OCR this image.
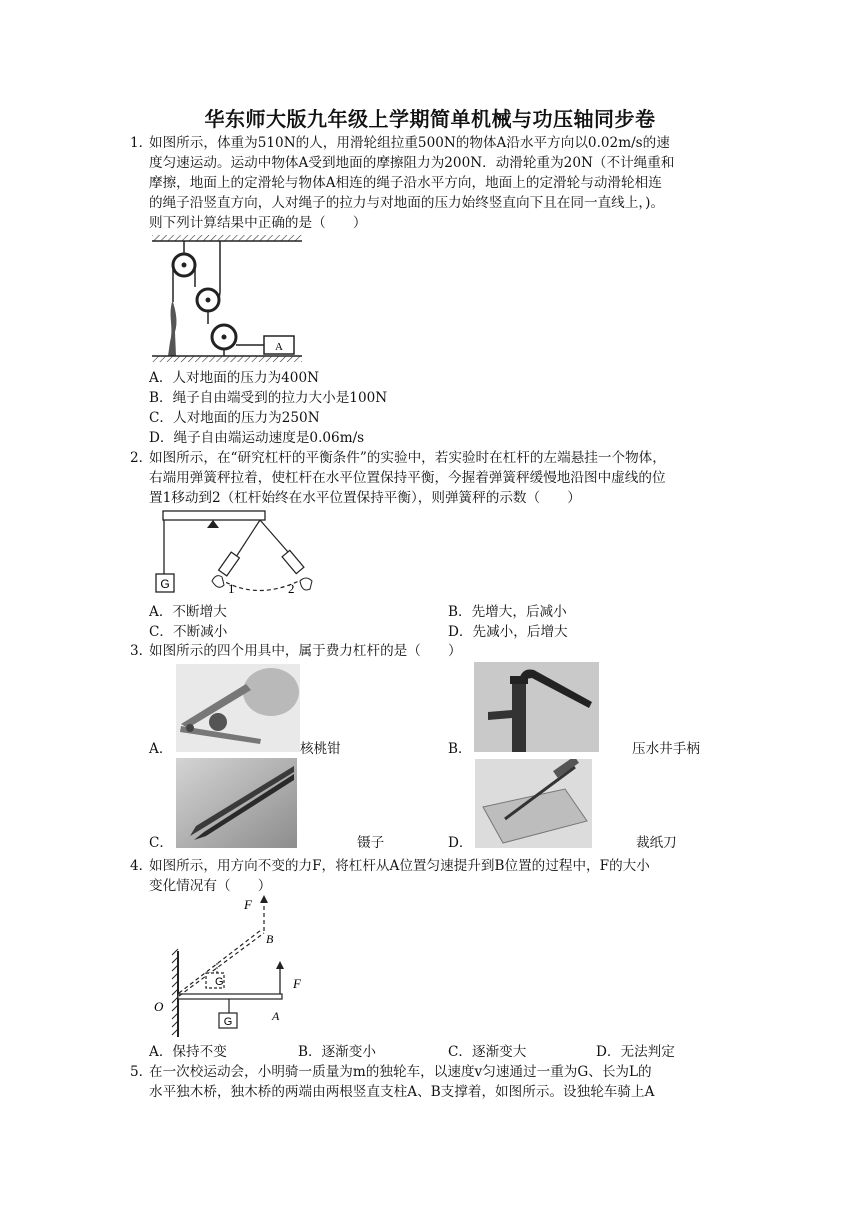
华东师大版九年级上学期简单机械与功压轴同步卷
1．
如图所示，体重为510N的人，用滑轮组拉重500N的物体A沿水平方向以0.02m/s的速
度匀速运动。运动中物体A受到地面的摩擦阻力为200N．动滑轮重为20N（不计绳重和
摩擦，地面上的定滑轮与物体A相连的绳子沿水平方向，地面上的定滑轮与动滑轮相连
的绳子沿竖直方向，人对绳子的拉力与对地面的压力始终竖直向下且在同一直线上，)。
则下列计算结果中正确的是（　　）
A
A．人对地面的压力为400N
B．绳子自由端受到的拉力大小是100N
C．人对地面的压力为250N
D．绳子自由端运动速度是0.06m/s
2．
如图所示，在“研究杠杆的平衡条件”的实验中，若实验时在杠杆的左端悬挂一个物体，
右端用弹簧秤拉着，使杠杆在水平位置保持平衡，今握着弹簧秤缓慢地沿图中虚线的位
置1移动到2（杠杆始终在水平位置保持平衡），则弹簧秤的示数（　　）
G	1	2
A．不断增大	B．先增大，后减小
C．不断减小	D．先减小，后增大
3．
如图所示的四个用具中，属于费力杠杆的是（　　）
A．	核桃钳	B．	压水井手柄
C．	镊子	D．	裁纸刀
4．
如图所示，用方向不变的力F，将杠杆从A位置匀速提升到B位置的过程中，F的大小
变化情况有（　　）
F
B
F
A
O
G
G
A．保持不变	B．逐渐变小	C．逐渐变大	D．无法判定
5．
在一次校运动会，小明骑一质量为m的独轮车，以速度v匀速通过一重为G、长为L的
水平独木桥，独木桥的两端由两根竖直支柱A、B支撑着，如图所示。设独轮车骑上A
